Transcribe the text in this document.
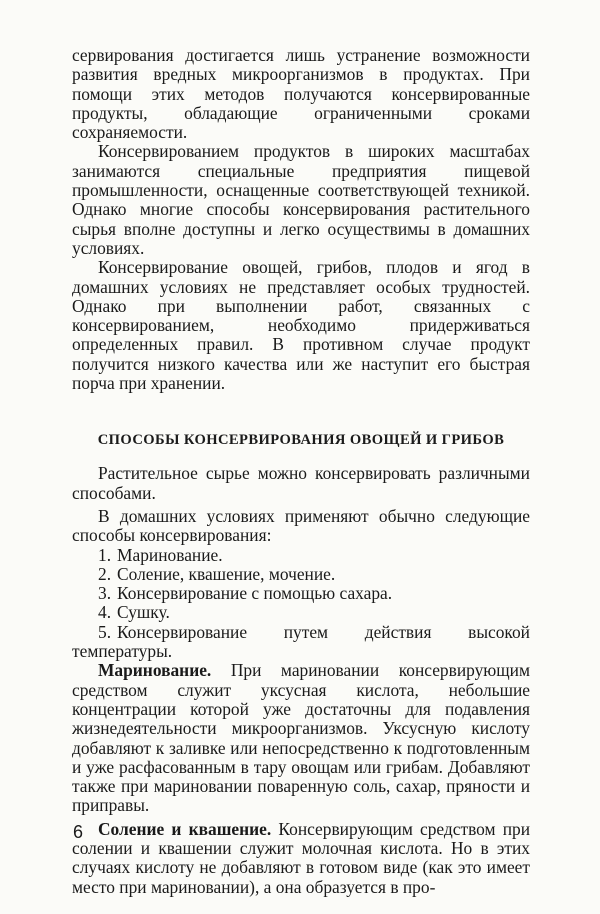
сервирования достигается лишь устранение возможности развития вредных микроорганизмов в продуктах. При помощи этих методов получаются консервированные продукты, обладающие ограниченными сроками сохраняемости.

Консервированием продуктов в широких масштабах занимаются специальные предприятия пищевой промышленности, оснащенные соответствующей техникой. Однако многие способы консервирования растительного сырья вполне доступны и легко осуществимы в домашних условиях.

Консервирование овощей, грибов, плодов и ягод в домашних условиях не представляет особых трудностей. Однако при выполнении работ, связанных с консервированием, необходимо придерживаться определенных правил. В противном случае продукт получится низкого качества или же наступит его быстрая порча при хранении.

СПОСОБЫ КОНСЕРВИРОВАНИЯ ОВОЩЕЙ И ГРИБОВ

Растительное сырье можно консервировать различными способами.

В домашних условиях применяют обычно следующие способы консервирования:

1. Маринование.
2. Соление, квашение, мочение.
3. Консервирование с помощью сахара.
4. Сушку.
5. Консервирование путем действия высокой температуры.

Маринование. При мариновании консервирующим средством служит уксусная кислота, небольшие концентрации которой уже достаточны для подавления жизнедеятельности микроорганизмов. Уксусную кислоту добавляют к заливке или непосредственно к подготовленным и уже расфасованным в тару овощам или грибам. Добавляют также при мариновании поваренную соль, сахар, пряности и приправы.

Соление и квашение. Консервирующим средством при солении и квашении служит молочная кислота. Но в этих случаях кислоту не добавляют в готовом виде (как это имеет место при мариновании), а она образуется в про-

6
